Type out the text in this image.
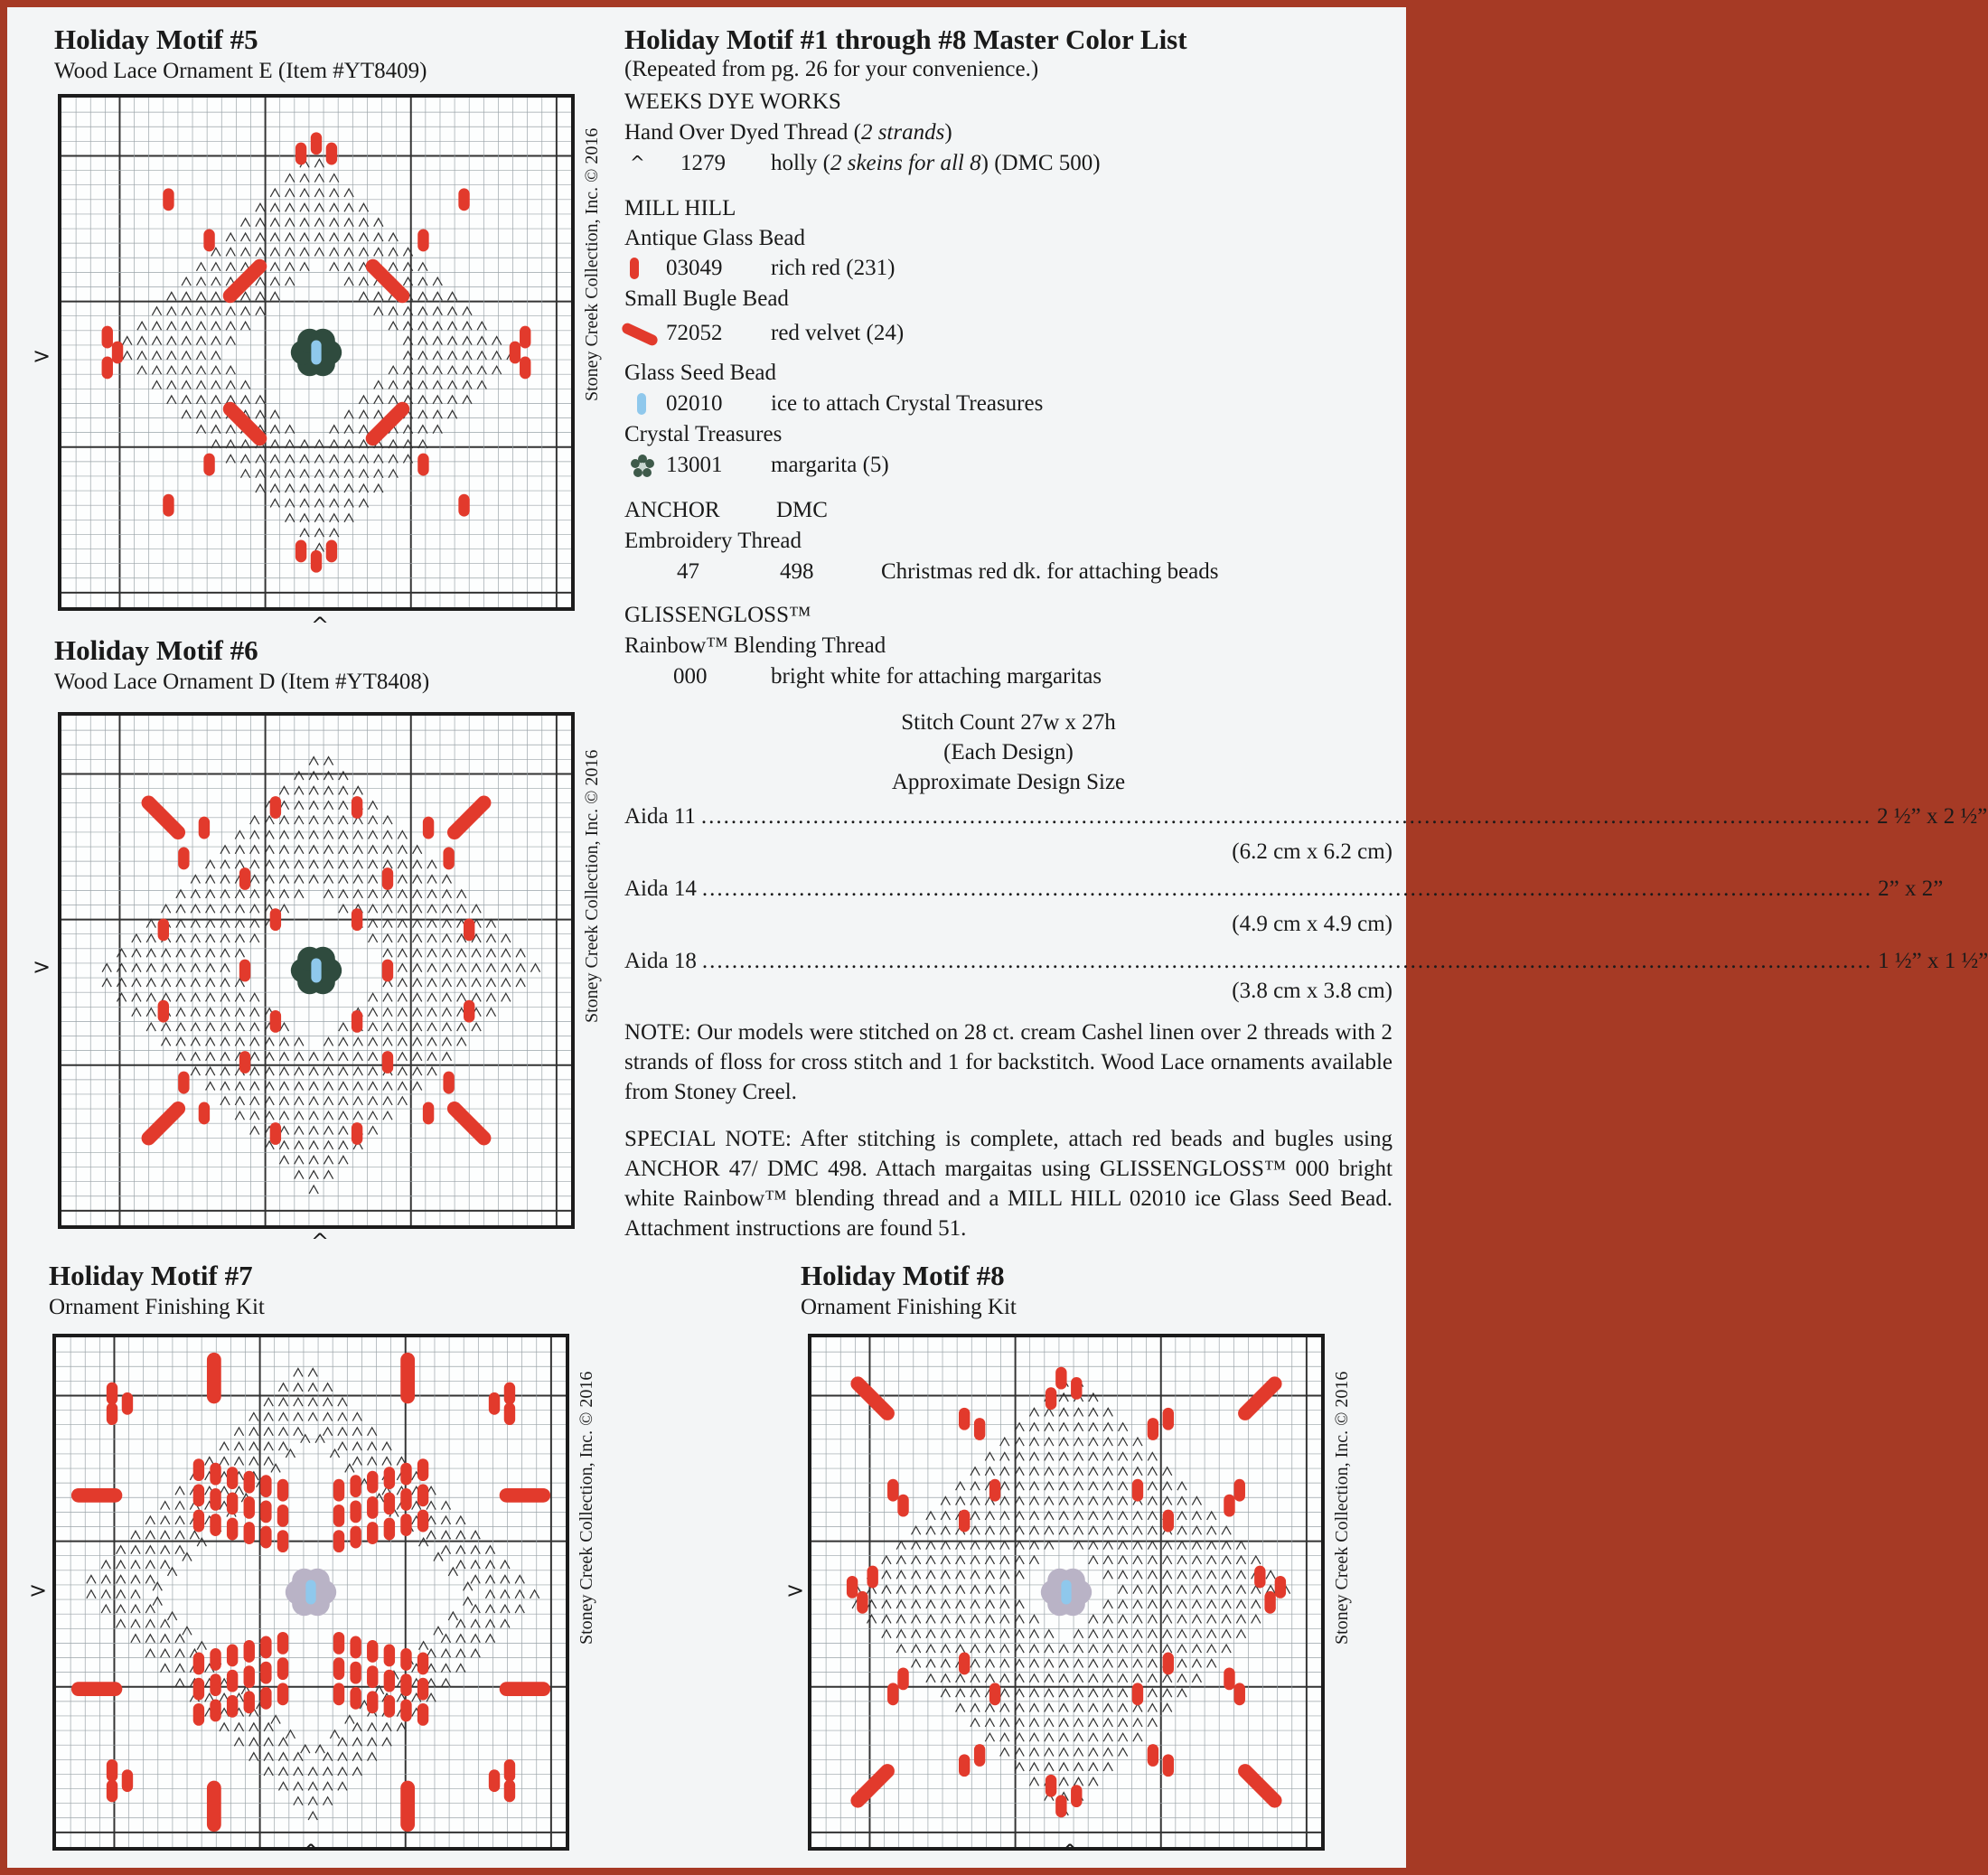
Holiday Motif #5
Wood Lace Ornament E (Item #YT8409)
Stoney Creek Collection, Inc. © 2016
>
^
Holiday Motif #6
Wood Lace Ornament D (Item #YT8408)
Stoney Creek Collection, Inc. © 2016
>
^
Holiday Motif #7
Ornament Finishing Kit
Stoney Creek Collection, Inc. © 2016
>
^
Holiday Motif #8
Ornament Finishing Kit
Stoney Creek Collection, Inc. © 2016
>
^
Holiday Motif #1 through #8 Master Color List
(Repeated from pg. 26 for your convenience.)
WEEKS DYE WORKS
Hand Over Dyed Thread (2 strands)
^ 1279 holly (2 skeins for all 8) (DMC 500)
MILL HILL
Antique Glass Bead
03049 rich red (231)
Small Bugle Bead
72052 red velvet (24)
Glass Seed Bead
02010 ice to attach Crystal Treasures
Crystal Treasures
13001 margarita (5)
ANCHOR DMC
Embroidery Thread
47	498	Christmas red dk. for attaching beads
GLISSENGLOSS™
Rainbow™ Blending Thread
000	bright white for attaching margaritas
Stitch Count 27w x 27h
(Each Design)
Approximate Design Size
Aida 11 ............................................................................................................................................................. 2 ½” x 2 ½”
(6.2 cm x 6.2 cm)
Aida 14 ............................................................................................................................................................. 2” x 2”
(4.9 cm x 4.9 cm)
Aida 18 ............................................................................................................................................................. 1 ½” x 1 ½”
(3.8 cm x 3.8 cm)
NOTE: Our models were stitched on 28 ct. cream Cashel linen over 2 threads with 2 strands of floss for cross stitch and 1 for backstitch. Wood Lace ornaments available from Stoney Creel.
SPECIAL NOTE: After stitching is complete, attach red beads and bugles using ANCHOR 47/ DMC 498. Attach margaitas using GLISSENGLOSS™ 000 bright white Rainbow™ blending thread and a MILL HILL 02010 ice Glass Seed Bead. Attachment instructions are found 51.
